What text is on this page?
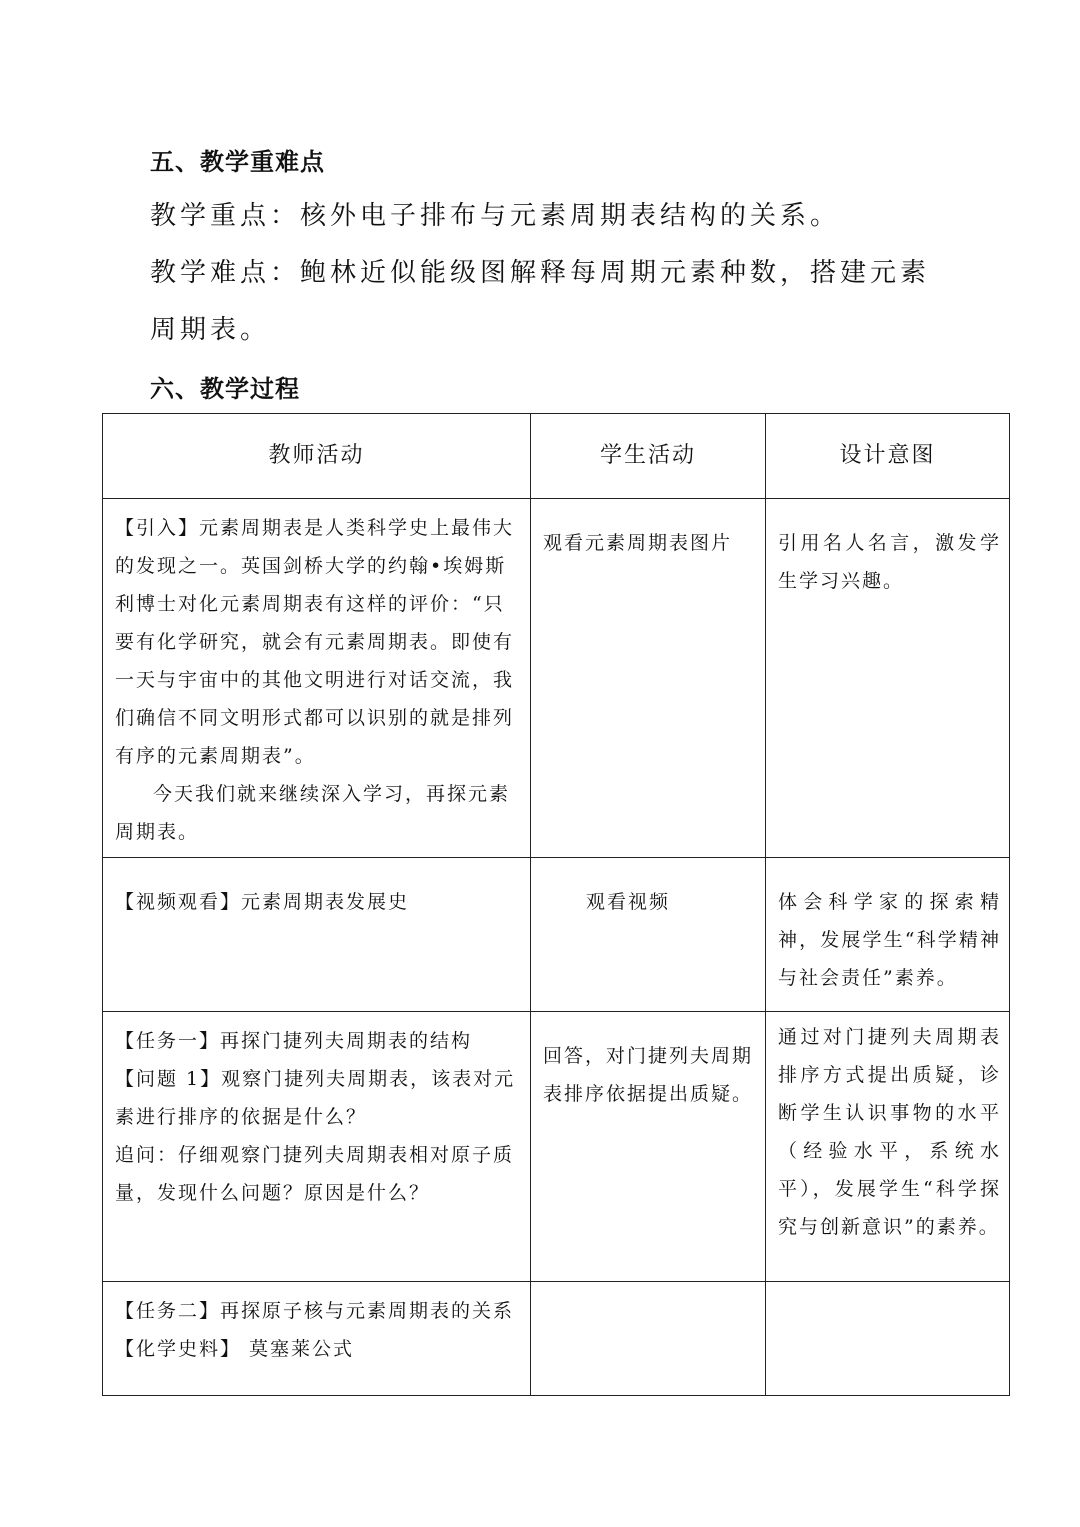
五、教学重难点

教学重点：核外电子排布与元素周期表结构的关系。

教学难点：鲍林近似能级图解释每周期元素种数，搭建元素周期表。

六、教学过程
教师活动	学生活动	设计意图

【引入】元素周期表是人类科学史上最伟大的发现之一。英国剑桥大学的约翰•埃姆斯利博士对化元素周期表有这样的评价：“只要有化学研究，就会有元素周期表。即使有一天与宇宙中的其他文明进行对话交流，我们确信不同文明形式都可以识别的就是排列有序的元素周期表”。
今天我们就来继续深入学习，再探元素周期表。	观看元素周期表图片	引用名人名言，激发学生学习兴趣。

【视频观看】元素周期表发展史	观看视频	体会科学家的探索精神，发展学生“科学精神与社会责任”素养。

【任务一】再探门捷列夫周期表的结构
【问题 1】观察门捷列夫周期表，该表对元素进行排序的依据是什么？
追问：仔细观察门捷列夫周期表相对原子质量，发现什么问题？原因是什么？	回答，对门捷列夫周期表排序依据提出质疑。	通过对门捷列夫周期表排序方式提出质疑，诊断学生认识事物的水平（经验水平，系统水平），发展学生“科学探究与创新意识”的素养。

【任务二】再探原子核与元素周期表的关系
【化学史料】 莫塞莱公式		
